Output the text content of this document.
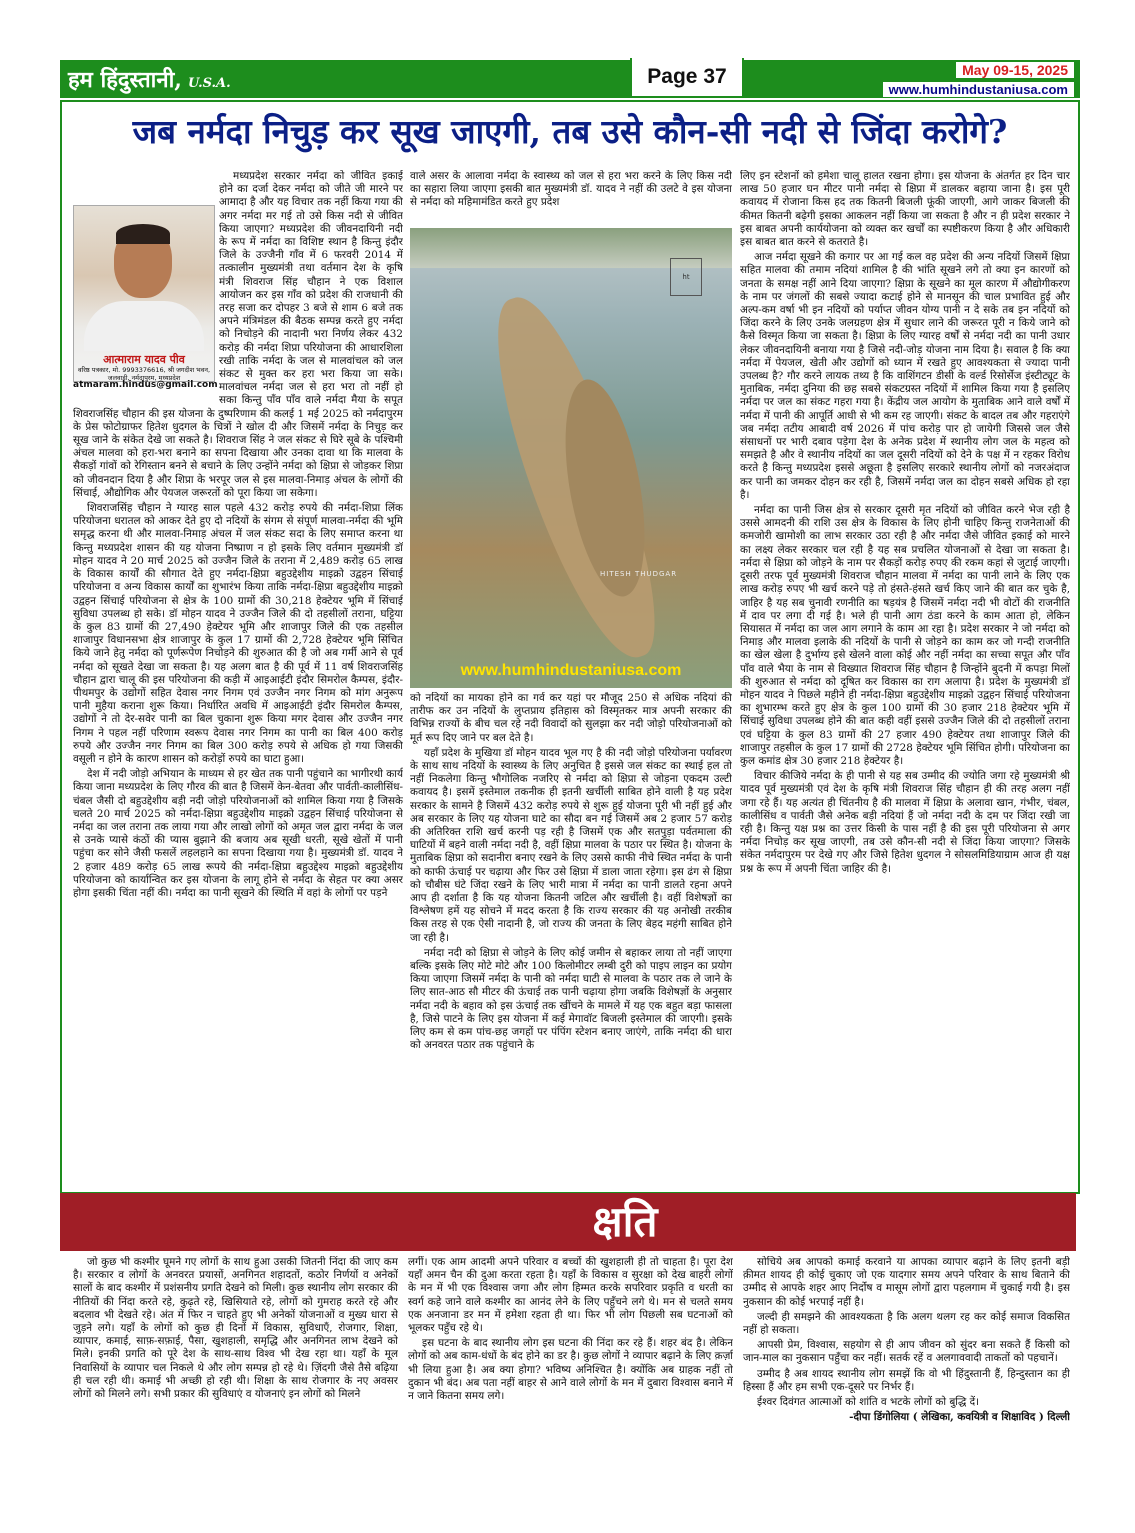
हम हिंदुस्तानी, U.S.A.	Page 37	May 09-15, 2025
www.humhindustaniusa.com
जब नर्मदा निचुड़ कर सूख जाएगी, तब उसे कौन-सी नदी से जिंदा करोगे?
आत्माराम यादव पीव
वरिष्ठ पत्रकार, मो. 9993376616, श्री जगदीश भवन, जलवाड़ी, नर्मदापुरम, मध्यप्रदेश
atmaram.hindus@gmail.com

मध्यप्रदेश सरकार नर्मदा को जीवित इकाई होने का दर्जा देकर नर्मदा को जीते जी मारने पर आमादा है और यह विचार तक नहीं किया गया की अगर नर्मदा मर गई तो उसे किस नदी से जीवित किया जाएगा? मध्यप्रदेश की जीवनदायिनी नदी के रूप में नर्मदा का विशिष्ट स्थान है किन्तु इंदौर जिले के उज्जैनी गाँव में 6 फरवरी 2014 में तत्कालीन मुख्यमंत्री तथा वर्तमान देश के कृषि मंत्री शिवराज सिंह चौहान ने एक विशाल आयोजन कर इस गाँव को प्रदेश की राजधानी की तरह सजा कर दोपहर 3 बजे से शाम 6 बजे तक अपने मंत्रिमंडल की बैठक सम्पन्न करते हुए नर्मदा को निचोड़ने की नादानी भरा निर्णय लेकर 432 करोड़ की नर्मदा शिप्रा परियोजना की आधारशिला रखी ताकि नर्मदा के जल से मालवांचल को जल संकट से मुक्त कर हरा भरा किया जा सके। मालवांचल नर्मदा जल से हरा भरा तो नहीं हो सका किन्तु पाँव पाँव वाले नर्मदा मैया के सपूत शिवराजसिंह चौहान की इस योजना के दुष्परिणाम की कलई 1 मई 2025 को नर्मदापुरम के प्रेस फोटोग्राफर हितेश धुदगल के चित्रों ने खोल दी और जिसमें नर्मदा के निचुड़ कर सूख जाने के संकेत देखे जा सकते है। शिवराज सिंह ने जल संकट से घिरे सूबे के पश्चिमी अंचल मालवा को हरा-भरा बनाने का सपना दिखाया और उनका दावा था कि मालवा के सैकड़ों गांवों को रेगिस्तान बनने से बचाने के लिए उन्होंने नर्मदा को क्षिप्रा से जोड़कर शिप्रा को जीवनदान दिया है और शिप्रा के भरपूर जल से इस मालवा-निमाड़ अंचल के लोगों की सिंचाई, औद्योगिक और पेयजल जरूरतों को पूरा किया जा सकेगा।

शिवराजसिंह चौहान ने ग्यारह साल पहले 432 करोड़ रुपये की नर्मदा-शिप्रा लिंक परियोजना धरातल को आकर देते हुए दो नदियों के संगम से संपूर्ण मालवा-नर्मदा की भूमि समृद्ध करना थी और मालवा-निमाड़ अंचल में जल संकट सदा के लिए समाप्त करना था किन्तु मध्यप्रदेश शासन की यह योजना निष्प्राण न हो इसके लिए वर्तमान मुख्यमंत्री डॉ मोहन यादव ने 20 मार्च 2025 को उज्जैन जिले के तराना में 2,489 करोड़ 65 लाख के विकास कार्यों की सौगात देते हुए नर्मदा-क्षिप्रा बहुउद्देशीय माइक्रो उद्वहन सिंचाई परियोजना व अन्य विकास कार्यों का शुभारंभ किया ताकि नर्मदा-क्षिप्रा बहुउद्देशीय माइक्रो उद्वहन सिंचाई परियोजना से क्षेत्र के 100 ग्रामों की 30,218 हेक्टेयर भूमि में सिंचाई सुविधा उपलब्ध हो सके। डॉ मोहन यादव ने उज्जैन जिले की दो तहसीलों तराना, घट्टिया के कुल 83 ग्रामों की 27,490 हेक्टेयर भूमि और शाजापुर जिले की एक तहसील शाजापुर विधानसभा क्षेत्र शाजापुर के कुल 17 ग्रामों की 2,728 हेक्टेयर भूमि सिंचित किये जाने हेतु नर्मदा को पूर्णरूपेण निचोड़ने की शुरुआत की है जो अब गर्मी आने से पूर्व नर्मदा को सूखते देखा जा सकता है। यह अलग बात है की पूर्व में 11 वर्ष शिवराजसिंह चौहान द्वारा चालू की इस परियोजना की कड़ी में आइआईटी इंदौर सिमरोल कैम्पस, इंदौर-पीथमपुर के उद्योगों सहित देवास नगर निगम एवं उज्जैन नगर निगम को मांग अनुरूप पानी मुहैया कराना शुरू किया। निर्धारित अवधि में आइआईटी इंदौर सिमरोल कैम्पस, उद्योगों ने तो देर-सवेर पानी का बिल चुकाना शुरू किया मगर देवास और उज्जैन नगर निगम ने पहल नहीं परिणाम स्वरूप देवास नगर निगम का पानी का बिल 400 करोड़ रुपये और उज्जैन नगर निगम का बिल 300 करोड़ रुपये से अधिक हो गया जिसकी वसूली न होने के कारण शासन को करोड़ों रुपये का घाटा हुआ।

देश में नदी जोड़ो अभियान के माध्यम से हर खेत तक पानी पहुंचाने का भागीरथी कार्य किया जाना मध्यप्रदेश के लिए गौरव की बात है जिसमें केन-बेतवा और पार्वती-कालीसिंध-चंबल जैसी दो बहुउद्देशीय बड़ी नदी जोड़ो परियोजनाओं को शामिल किया गया है जिसके चलते 20 मार्च 2025 को नर्मदा-क्षिप्रा बहुउद्देशीय माइक्रो उद्वहन सिंचाई परियोजना से नर्मदा का जल तराना तक लाया गया और लाखो लोगों को अमृत जल द्वारा नर्मदा के जल से उनके प्यासे कंठों की प्यास बुझाने की बजाय अब सूखी धरती, सूखे खेतों में पानी पहुंचा कर सोने जैसी फसलें लहलहाने का सपना दिखाया गया है। मुख्यमंत्री डॉ. यादव ने 2 हजार 489 करोड़ 65 लाख रूपये की नर्मदा-क्षिप्रा बहुउद्देश्य माइक्रो बहुउद्देशीय परियोजना को कार्यान्वित कर इस योजना के लागू होने से नर्मदा के सेहत पर क्या असर होगा इसकी चिंता नहीं की। नर्मदा का पानी सूखने की स्थिति में वहां के लोगों पर पड़ने

वाले असर के आलावा नर्मदा के स्वास्थ्य को जल से हरा भरा करने के लिए किस नदी का सहारा लिया जाएगा इसकी बात मुख्यमंत्री डॉ. यादव ने नहीं की उलटे वे इस योजना से नर्मदा को महिमामंडित करते हुए प्रदेश

ht
HITESH THUDGAR
www.humhindustaniusa.com

को नदियों का मायका होने का गर्व कर यहां पर मौजूद 250 से अधिक नदियां की तारीफ कर उन नदियों के लुप्तप्राय इतिहास को विस्मृतकर मात्र अपनी सरकार की विभिन्न राज्यों के बीच चल रहे नदी विवादों को सुलझा कर नदी जोड़ो परियोजनाओं को मूर्त रूप दिए जाने पर बल देते है।

यहाँ प्रदेश के मुखिया डॉ मोहन यादव भूल गए है की नदी जोड़ो परियोजना पर्यावरण के साथ साथ नदियों के स्वास्थ्य के लिए अनुचित है इससे जल संकट का स्थाई हल तो नहीं निकलेगा किन्तु भौगोलिक नजरिए से नर्मदा को क्षिप्रा से जोड़ना एकदम उल्टी कवायद है। इसमें इस्तेमाल तकनीक ही इतनी खर्चीली साबित होने वाली है यह प्रदेश सरकार के सामने है जिसमें 432 करोड़ रुपये से शुरू हुई योजना पूरी भी नहीं हुई और अब सरकार के लिए यह योजना घाटे का सौदा बन गई जिसमें अब 2 हजार 57 करोड़ की अतिरिक्त राशि खर्च करनी पड़ रही है जिसमें एक और सतपुड़ा पर्वतमाला की घाटियों में बहने वाली नर्मदा नदी है, वहीं क्षिप्रा मालवा के पठार पर स्थित है। योजना के मुताबिक क्षिप्रा को सदानीरा बनाए रखने के लिए उससे काफी नीचे स्थित नर्मदा के पानी को काफी ऊंचाई पर चढ़ाया और फिर उसे क्षिप्रा में डाला जाता रहेगा। इस ढंग से क्षिप्रा को चौबीस घंटे जिंदा रखने के लिए भारी मात्रा में नर्मदा का पानी डालते रहना अपने आप ही दर्शाता है कि यह योजना कितनी जटिल और खर्चीली है। वहीं विशेषज्ञों का विश्लेषण हमें यह सोचने में मदद करता है कि राज्य सरकार की यह अनोखी तरकीब किस तरह से एक ऐसी नादानी है, जो राज्य की जनता के लिए बेहद महंगी साबित होने जा रही है।

नर्मदा नदी को क्षिप्रा से जोड़ने के लिए कोई जमीन से बहाकर लाया तो नहीं जाएगा बल्कि इसके लिए मोटे मोटे और 100 किलोमीटर लम्बी दुरी को पाइप लाइन का प्रयोग किया जाएगा जिसमें नर्मदा के पानी को नर्मदा घाटी से मालवा के पठार तक ले जाने के लिए सात-आठ सौ मीटर की ऊंचाई तक पानी चढ़ाया होगा जबकि विशेषज्ञों के अनुसार नर्मदा नदी के बहाव को इस ऊंचाई तक खींचने के मामले में यह एक बहुत बड़ा फासला है, जिसे पाटने के लिए इस योजना में कई मेगावॉट बिजली इस्तेमाल की जाएगी। इसके लिए कम से कम पांच-छह जगहों पर पंपिंग स्टेशन बनाए जाएंगे, ताकि नर्मदा की धारा को अनवरत पठार तक पहुंचाने के

लिए इन स्टेशनों को हमेशा चालू हालत रखना होगा। इस योजना के अंतर्गत हर दिन चार लाख 50 हजार घन मीटर पानी नर्मदा से क्षिप्रा में डालकर बहाया जाना है। इस पूरी कवायद में रोजाना किस हद तक कितनी बिजली फूंकी जाएगी, आगे जाकर बिजली की कीमत कितनी बढ़ेगी इसका आकलन नहीं किया जा सकता है और न ही प्रदेश सरकार ने इस बाबत अपनी कार्ययोजना को व्यक्त कर खर्चों का स्पष्टीकरण किया है और अधिकारी इस बाबत बात करने से कतराते है।

आज नर्मदा सूखने की कगार पर आ गई कल वह प्रदेश की अन्य नदियों जिसमें क्षिप्रा सहित मालवा की तमाम नदियां शामिल है की भांति सूखने लगे तो क्या इन कारणों को जनता के समक्ष नहीं आने दिया जाएगा? क्षिप्रा के सूखने का मूल कारण में औद्योगीकरण के नाम पर जंगलों की सबसे ज्यादा कटाई होने से मानसून की चाल प्रभावित हुई और अल्प-कम वर्षा भी इन नदियों को पर्याप्त जीवन योग्य पानी न दे सके तब इन नदियों को जिंदा करने के लिए उनके जलग्रहण क्षेत्र में सुधार लाने की जरूरत पूरी न किये जाने को कैसे विस्मृत किया जा सकता है। क्षिप्रा के लिए ग्यारह वर्षों से नर्मदा नदी का पानी उधार लेकर जीवनदायिनी बनाया गया है जिसे नदी-जोड़ योजना नाम दिया है। सवाल है कि क्या नर्मदा में पेयजल, खेती और उद्योगों को ध्यान में रखते हुए आवश्यकता से ज्यादा पानी उपलब्ध है? गौर करने लायक तथ्य है कि वाशिंगटन डीसी के वर्ल्ड रिसोर्सेज इंस्टीट्यूट के मुताबिक, नर्मदा दुनिया की छह सबसे संकटग्रस्त नदियों में शामिल किया गया है इसलिए नर्मदा पर जल का संकट गहरा गया है। केंद्रीय जल आयोग के मुताबिक आने वाले वर्षों में नर्मदा में पानी की आपूर्ति आधी से भी कम रह जाएगी। संकट के बादल तब और गहराएंगे जब नर्मदा तटीय आबादी वर्ष 2026 में पांच करोड़ पार हो जायेगी जिससे जल जैसे संसाधनों पर भारी दबाव पड़ेगा देश के अनेक प्रदेश में स्थानीय लोग जल के महत्व को समझते है और वे स्थानीय नदियों का जल दूसरी नदियों को देने के पक्ष में न रहकर विरोध करते है किन्तु मध्यप्रदेश इससे अछूता है इसलिए सरकारे स्थानीय लोगों को नजरअंदाज कर पानी का जमकर दोहन कर रही है, जिसमें नर्मदा जल का दोहन सबसे अधिक हो रहा है।

नर्मदा का पानी जिस क्षेत्र से सरकार दूसरी मृत नदियों को जीवित करने भेज रही है उससे आमदनी की राशि उस क्षेत्र के विकास के लिए होनी चाहिए किन्तु राजनेताओं की कमजोरी खामोशी का लाभ सरकार उठा रही है और नर्मदा जैसे जीवित इकाई को मारने का लक्ष्य लेकर सरकार चल रही है यह सब प्रचलित योजनाओं से देखा जा सकता है। नर्मदा से क्षिप्रा को जोड़ने के नाम पर सैकड़ों करोड़ रुपए की रकम कहां से जुटाई जाएगी। दूसरी तरफ पूर्व मुख्यमंत्री शिवराज चौहान मालवा में नर्मदा का पानी लाने के लिए एक लाख करोड़ रुपए भी खर्च करने पड़े तो हंसते-हंसते खर्च किए जाने की बात कर चुके है, जाहिर है यह सब चुनावी रणनीति का षड़यंत्र है जिसमें नर्मदा नदी भी वोटों की राजनीति में दाव पर लगा दी गई है। भले ही पानी आग ठंडा करने के काम आता हो, लेकिन सियासत में नर्मदा का जल आग लगाने के काम आ रहा है। प्रदेश सरकार ने जो नर्मदा को निमाड़ और मालवा इलाके की नदियों के पानी से जोड़ने का काम कर जो गन्दी राजनीति का खेल खेला है दुर्भाग्य इसे खेलने वाला कोई और नहीं नर्मदा का सच्चा सपूत और पाँव पाँव वाले भैया के नाम से विख्यात शिवराज सिंह चौहान है जिन्होंने बुदनी में कपड़ा मिलों की शुरुआत से नर्मदा को दूषित कर विकास का राग अलापा है। प्रदेश के मुख्यमंत्री डॉ मोहन यादव ने पिछले महीने ही नर्मदा-क्षिप्रा बहुउद्देशीय माइक्रो उद्वहन सिंचाई परियोजना का शुभारम्भ करते हुए क्षेत्र के कुल 100 ग्रामों की 30 हजार 218 हेक्टेयर भूमि में सिंचाई सुविधा उपलब्ध होने की बात कही वहीं इससे उज्जैन जिले की दो तहसीलों तराना एवं घट्टिया के कुल 83 ग्रामों की 27 हजार 490 हेक्टेयर तथा शाजापुर जिले की शाजापुर तहसील के कुल 17 ग्रामों की 2728 हेक्टेयर भूमि सिंचित होगी। परियोजना का कुल कमांड क्षेत्र 30 हजार 218 हेक्टेयर है।

विचार कीजिये नर्मदा के ही पानी से यह सब उम्मीद की ज्योति जगा रहे मुख्यमंत्री श्री यादव पूर्व मुख्यमंत्री एवं देश के कृषि मंत्री शिवराज सिंह चौहान ही की तरह अलग नहीं जगा रहे हैं। यह अत्यंत ही चिंतनीय है की मालवा में क्षिप्रा के अलावा खान, गंभीर, चंबल, कालीसिंध व पार्वती जैसे अनेक बड़ी नदियां हैं जो नर्मदा नदी के दम पर जिंदा रखी जा रही है। किन्तु यक्ष प्रश्न का उत्तर किसी के पास नहीं है की इस पूरी परियोजना से अगर नर्मदा निचोड़ कर सूख जाएगी, तब उसे कौन-सी नदी से जिंदा किया जाएगा? जिसके संकेत नर्मदापुरम पर देखे गए और जिसे हितेश धुदगल ने सोसलमिडियाग्राम आज ही यक्ष प्रश्न के रूप में अपनी चिंता जाहिर की है।

क्षति

जो कुछ भी कश्मीर घूमने गए लोगों के साथ हुआ उसकी जितनी निंदा की जाए कम है। सरकार व लोगों के अनवरत प्रयासों, अनगिनत शहादतों, कठोर निर्णयों व अनेकों सालों के बाद कश्मीर में प्रशंसनीय प्रगति देखने को मिली। कुछ स्थानीय लोग सरकार की नीतियों की निंदा करते रहे, कुढ़ते रहे, खिसियाते रहे, लोगों को गुमराह करते रहे और बदलाव भी देखते रहे। अंत में फिर न चाहते हुए भी अनेकों योजनाओं व मुख्य धारा से जुड़ने लगे। यहाँ के लोगों को कुछ ही दिनों में विकास, सुविधाएँ, रोजगार, शिक्षा, व्यापार, कमाई, साफ़-सफ़ाई, पैसा, खुशहाली, समृद्धि और अनगिनत लाभ देखने को मिले। इनकी प्रगति को पूरे देश के साथ-साथ विश्व भी देख रहा था। यहाँ के मूल निवासियों के व्यापार चल निकले थे और लोग सम्पन्न हो रहे थे। ज़िंदगी जैसे तैसे बढ़िया ही चल रही थी। कमाई भी अच्छी हो रही थी। शिक्षा के साथ रोजगार के नए अवसर लोगों को मिलने लगे। सभी प्रकार की सुविधाएं व योजनाएं इन लोगों को मिलने

लगीं। एक आम आदमी अपने परिवार व बच्चों की खुशहाली ही तो चाहता है। पूरा देश यहाँ अमन चैन की दुआ करता रहता है। यहाँ के विकास व सुरक्षा को देख बाहरी लोगों के मन में भी एक विश्वास जगा और लोग हिम्मत करके सपरिवार प्रकृति व धरती का स्वर्ग कहे जाने वाले कश्मीर का आनंद लेने के लिए पहुँचने लगे थे। मन से चलते समय एक अनजाना डर मन में हमेशा रहता ही था। फिर भी लोग पिछली सब घटनाओं को भूलकर पहुँच रहे थे।

इस घटना के बाद स्थानीय लोग इस घटना की निंदा कर रहे हैं। शहर बंद है। लेकिन लोगों को अब काम-धंधों के बंद होने का डर है। कुछ लोगों ने व्यापार बढ़ाने के लिए क़र्ज़ा भी लिया हुआ है। अब क्या होगा? भविष्य अनिश्चित है। क्योंकि अब ग्राहक नहीं तो दुकान भी बंद। अब पता नहीं बाहर से आने वाले लोगों के मन में दुबारा विश्वास बनाने में न जाने कितना समय लगे।

सोचिये अब आपको कमाई करवाने या आपका व्यापार बढ़ाने के लिए इतनी बड़ी क़ीमत शायद ही कोई चुकाए जो एक यादगार समय अपने परिवार के साथ बिताने की उम्मीद से आपके शहर आए निर्दोष व मासूम लोगों द्वारा पहलगाम में चुकाई गयी है। इस नुकसान की कोई भरपाई नहीं है।

जल्दी ही समझने की आवश्यकता है कि अलग थलग रह कर कोई समाज विकसित नहीं हो सकता।

आपसी प्रेम, विश्वास, सहयोग से ही आप जीवन को सुंदर बना सकते हैं किसी को जान-माल का नुकसान पहुँचा कर नहीं। सतर्क रहें व अलगाववादी ताकतों को पहचानें।

उम्मीद है अब शायद स्थानीय लोग समझें कि वो भी हिंदुस्तानी हैं, हिन्दुस्तान का ही हिस्सा हैं और हम सभी एक-दूसरे पर निर्भर हैं।

ईश्वर दिवंगत आत्माओं को शांति व भटके लोगों को बुद्धि दें।

-दीपा डिंगोलिया ( लेखिका, कवयित्री व शिक्षाविद ) दिल्ली
